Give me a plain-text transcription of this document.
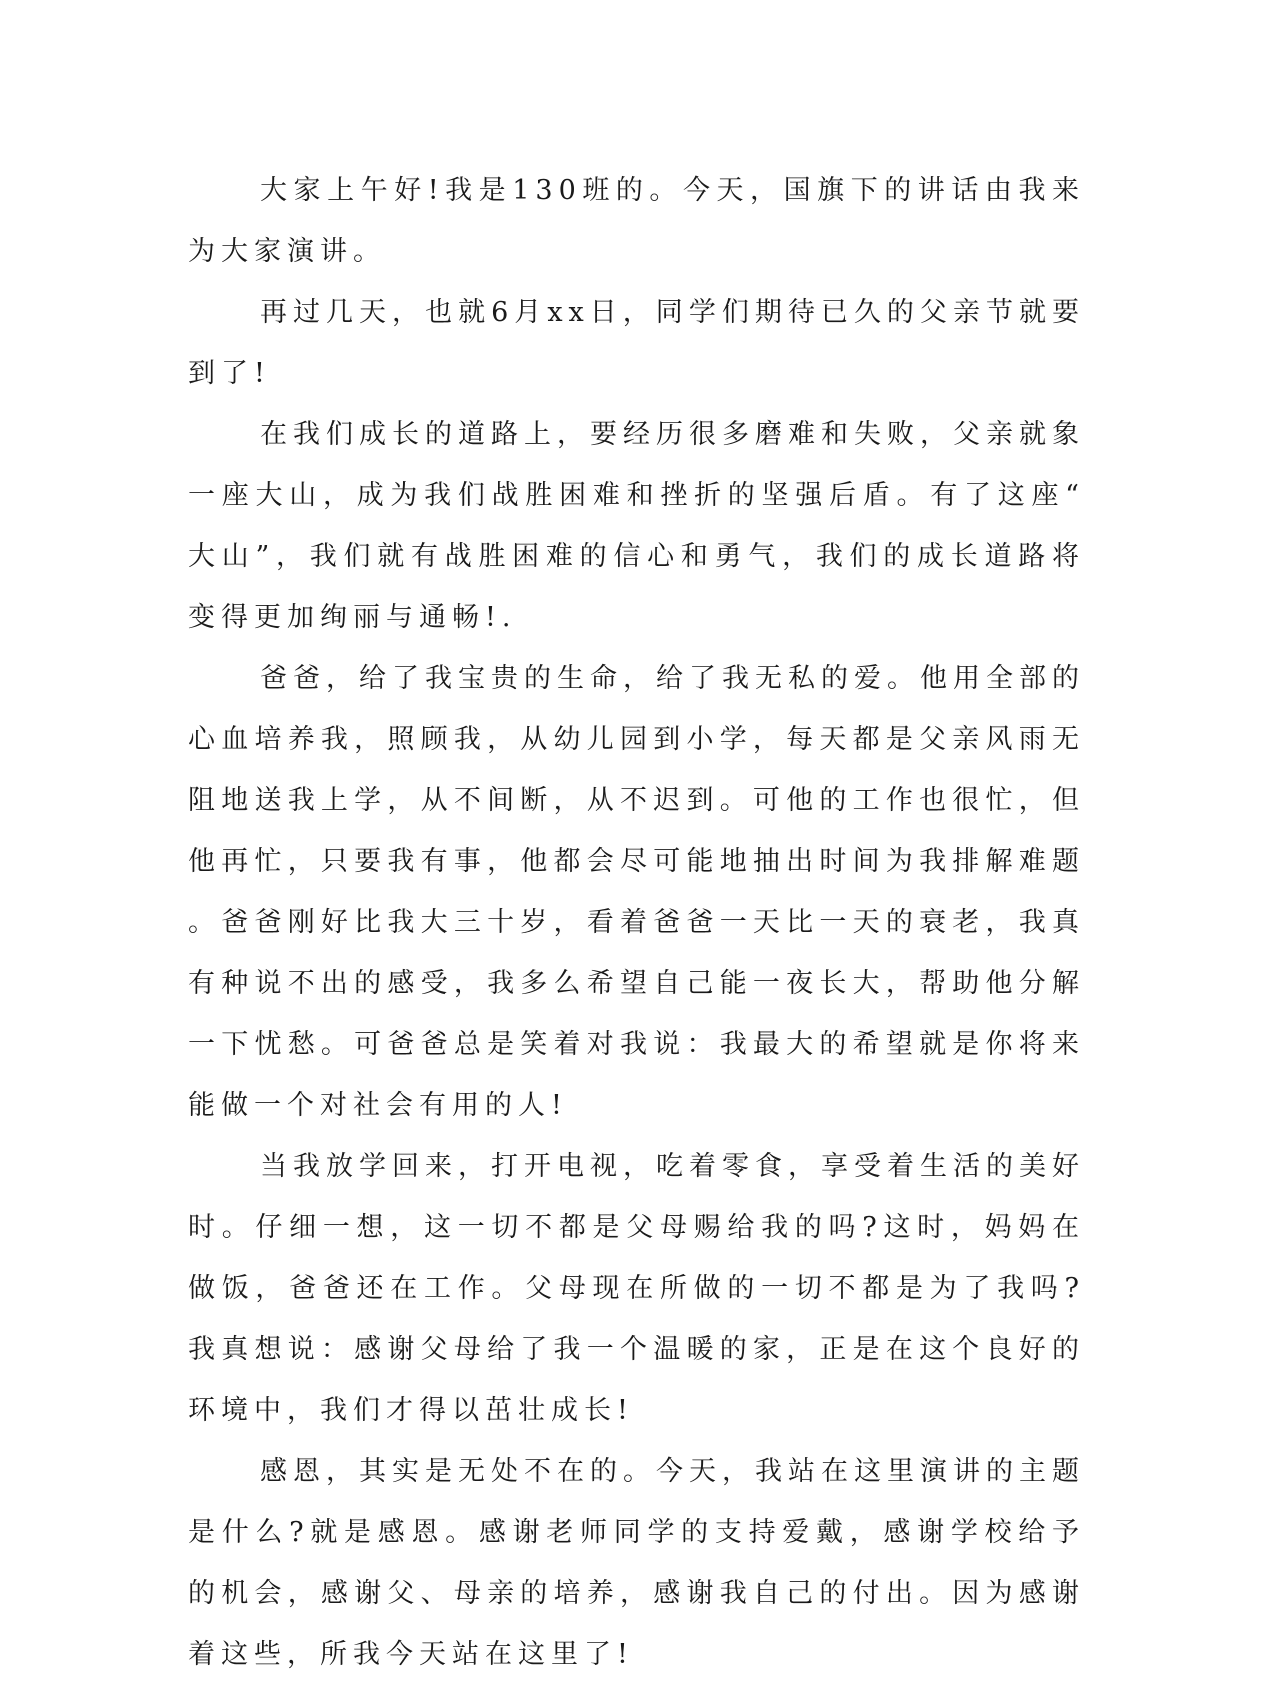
大家上午好!我是130班的。今天，国旗下的讲话由我来为大家演讲。

再过几天，也就6月xx日，同学们期待已久的父亲节就要到了!

在我们成长的道路上，要经历很多磨难和失败，父亲就象一座大山，成为我们战胜困难和挫折的坚强后盾。有了这座“大山”，我们就有战胜困难的信心和勇气，我们的成长道路将变得更加绚丽与通畅!.

爸爸，给了我宝贵的生命，给了我无私的爱。他用全部的心血培养我，照顾我，从幼儿园到小学，每天都是父亲风雨无阻地送我上学，从不间断，从不迟到。可他的工作也很忙，但他再忙，只要我有事，他都会尽可能地抽出时间为我排解难题。爸爸刚好比我大三十岁，看着爸爸一天比一天的衰老，我真有种说不出的感受，我多么希望自己能一夜长大，帮助他分解一下忧愁。可爸爸总是笑着对我说：我最大的希望就是你将来能做一个对社会有用的人!

当我放学回来，打开电视，吃着零食，享受着生活的美好时。仔细一想，这一切不都是父母赐给我的吗?这时，妈妈在做饭，爸爸还在工作。父母现在所做的一切不都是为了我吗?我真想说：感谢父母给了我一个温暖的家，正是在这个良好的环境中，我们才得以茁壮成长!

感恩，其实是无处不在的。今天，我站在这里演讲的主题是什么?就是感恩。感谢老师同学的支持爱戴，感谢学校给予的机会，感谢父、母亲的培养，感谢我自己的付出。因为感谢着这些，所我今天站在这里了!
